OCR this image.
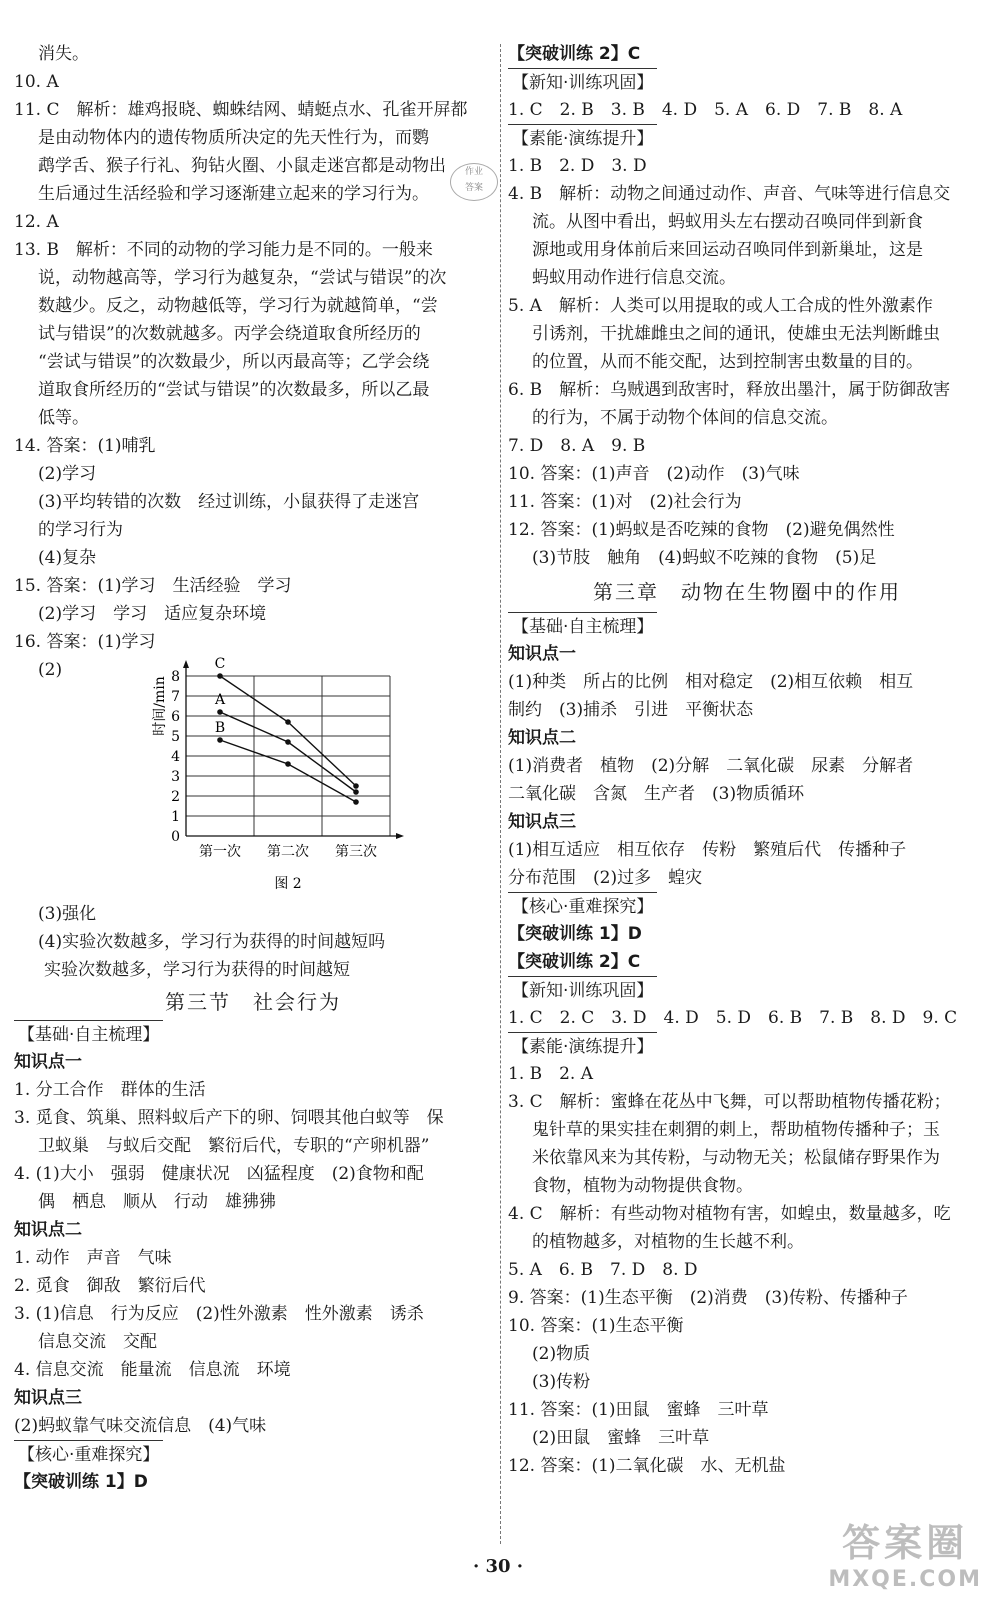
作业
答案
消失。
10. A
11. C　解析：雄鸡报晓、蜘蛛结网、蜻蜓点水、孔雀开屏都
是由动物体内的遗传物质所决定的先天性行为，而鹦
鹉学舌、猴子行礼、狗钻火圈、小鼠走迷宫都是动物出
生后通过生活经验和学习逐渐建立起来的学习行为。
12. A
13. B　解析：不同的动物的学习能力是不同的。一般来
说，动物越高等，学习行为越复杂，“尝试与错误”的次
数越少。反之，动物越低等，学习行为就越简单，“尝
试与错误”的次数就越多。丙学会绕道取食所经历的
“尝试与错误”的次数最少，所以丙最高等；乙学会绕
道取食所经历的“尝试与错误”的次数最多，所以乙最
低等。
14. 答案：(1)哺乳
(2)学习
(3)平均转错的次数　经过训练，小鼠获得了走迷宫
的学习行为
(4)复杂
15. 答案：(1)学习　生活经验　学习
(2)学习　学习　适应复杂环境
16. 答案：(1)学习
(2)
0
1
2
3
4
5
6
7
8
时间/min
第一次 第二次 第三次
图 2
C
A
B
(3)强化
(4)实验次数越多，学习行为获得的时间越短吗
实验次数越多，学习行为获得的时间越短
第三节　社会行为
【基础·自主梳理】
知识点一
1. 分工合作　群体的生活
3. 觅食、筑巢、照料蚁后产下的卵、饲喂其他白蚁等　保
卫蚁巢　与蚁后交配　繁衍后代，专职的“产卵机器”
4. (1)大小　强弱　健康状况　凶猛程度　(2)食物和配
偶　栖息　顺从　行动　雄狒狒
知识点二
1. 动作　声音　气味
2. 觅食　御敌　繁衍后代
3. (1)信息　行为反应　(2)性外激素　性外激素　诱杀
信息交流　交配
4. 信息交流　能量流　信息流　环境
知识点三
(2)蚂蚁靠气味交流信息　(4)气味
【核心·重难探究】
【突破训练 1】D
【突破训练 2】C
【新知·训练巩固】
1. C　2. B　3. B　4. D　5. A　6. D　7. B　8. A
【素能·演练提升】
1. B　2. D　3. D
4. B　解析：动物之间通过动作、声音、气味等进行信息交
流。从图中看出，蚂蚁用头左右摆动召唤同伴到新食
源地或用身体前后来回运动召唤同伴到新巢址，这是
蚂蚁用动作进行信息交流。
5. A　解析：人类可以用提取的或人工合成的性外激素作
引诱剂，干扰雄雌虫之间的通讯，使雄虫无法判断雌虫
的位置，从而不能交配，达到控制害虫数量的目的。
6. B　解析：乌贼遇到敌害时，释放出墨汁，属于防御敌害
的行为，不属于动物个体间的信息交流。
7. D　8. A　9. B
10. 答案：(1)声音　(2)动作　(3)气味
11. 答案：(1)对　(2)社会行为
12. 答案：(1)蚂蚁是否吃辣的食物　(2)避免偶然性
(3)节肢　触角　(4)蚂蚁不吃辣的食物　(5)足
第三章　动物在生物圈中的作用
【基础·自主梳理】
知识点一
(1)种类　所占的比例　相对稳定　(2)相互依赖　相互
制约　(3)捕杀　引进　平衡状态
知识点二
(1)消费者　植物　(2)分解　二氧化碳　尿素　分解者
二氧化碳　含氮　生产者　(3)物质循环
知识点三
(1)相互适应　相互依存　传粉　繁殖后代　传播种子
分布范围　(2)过多　蝗灾
【核心·重难探究】
【突破训练 1】D
【突破训练 2】C
【新知·训练巩固】
1. C　2. C　3. D　4. D　5. D　6. B　7. B　8. D　9. C
【素能·演练提升】
1. B　2. A
3. C　解析：蜜蜂在花丛中飞舞，可以帮助植物传播花粉；
鬼针草的果实挂在刺猬的刺上，帮助植物传播种子；玉
米依靠风来为其传粉，与动物无关；松鼠储存野果作为
食物，植物为动物提供食物。
4. C　解析：有些动物对植物有害，如蝗虫，数量越多，吃
的植物越多，对植物的生长越不利。
5. A　6. B　7. D　8. D
9. 答案：(1)生态平衡　(2)消费　(3)传粉、传播种子
10. 答案：(1)生态平衡
(2)物质
(3)传粉
11. 答案：(1)田鼠　蜜蜂　三叶草
(2)田鼠　蜜蜂　三叶草
12. 答案：(1)二氧化碳　水、无机盐
· 30 ·
答案圈
MXQE.COM
